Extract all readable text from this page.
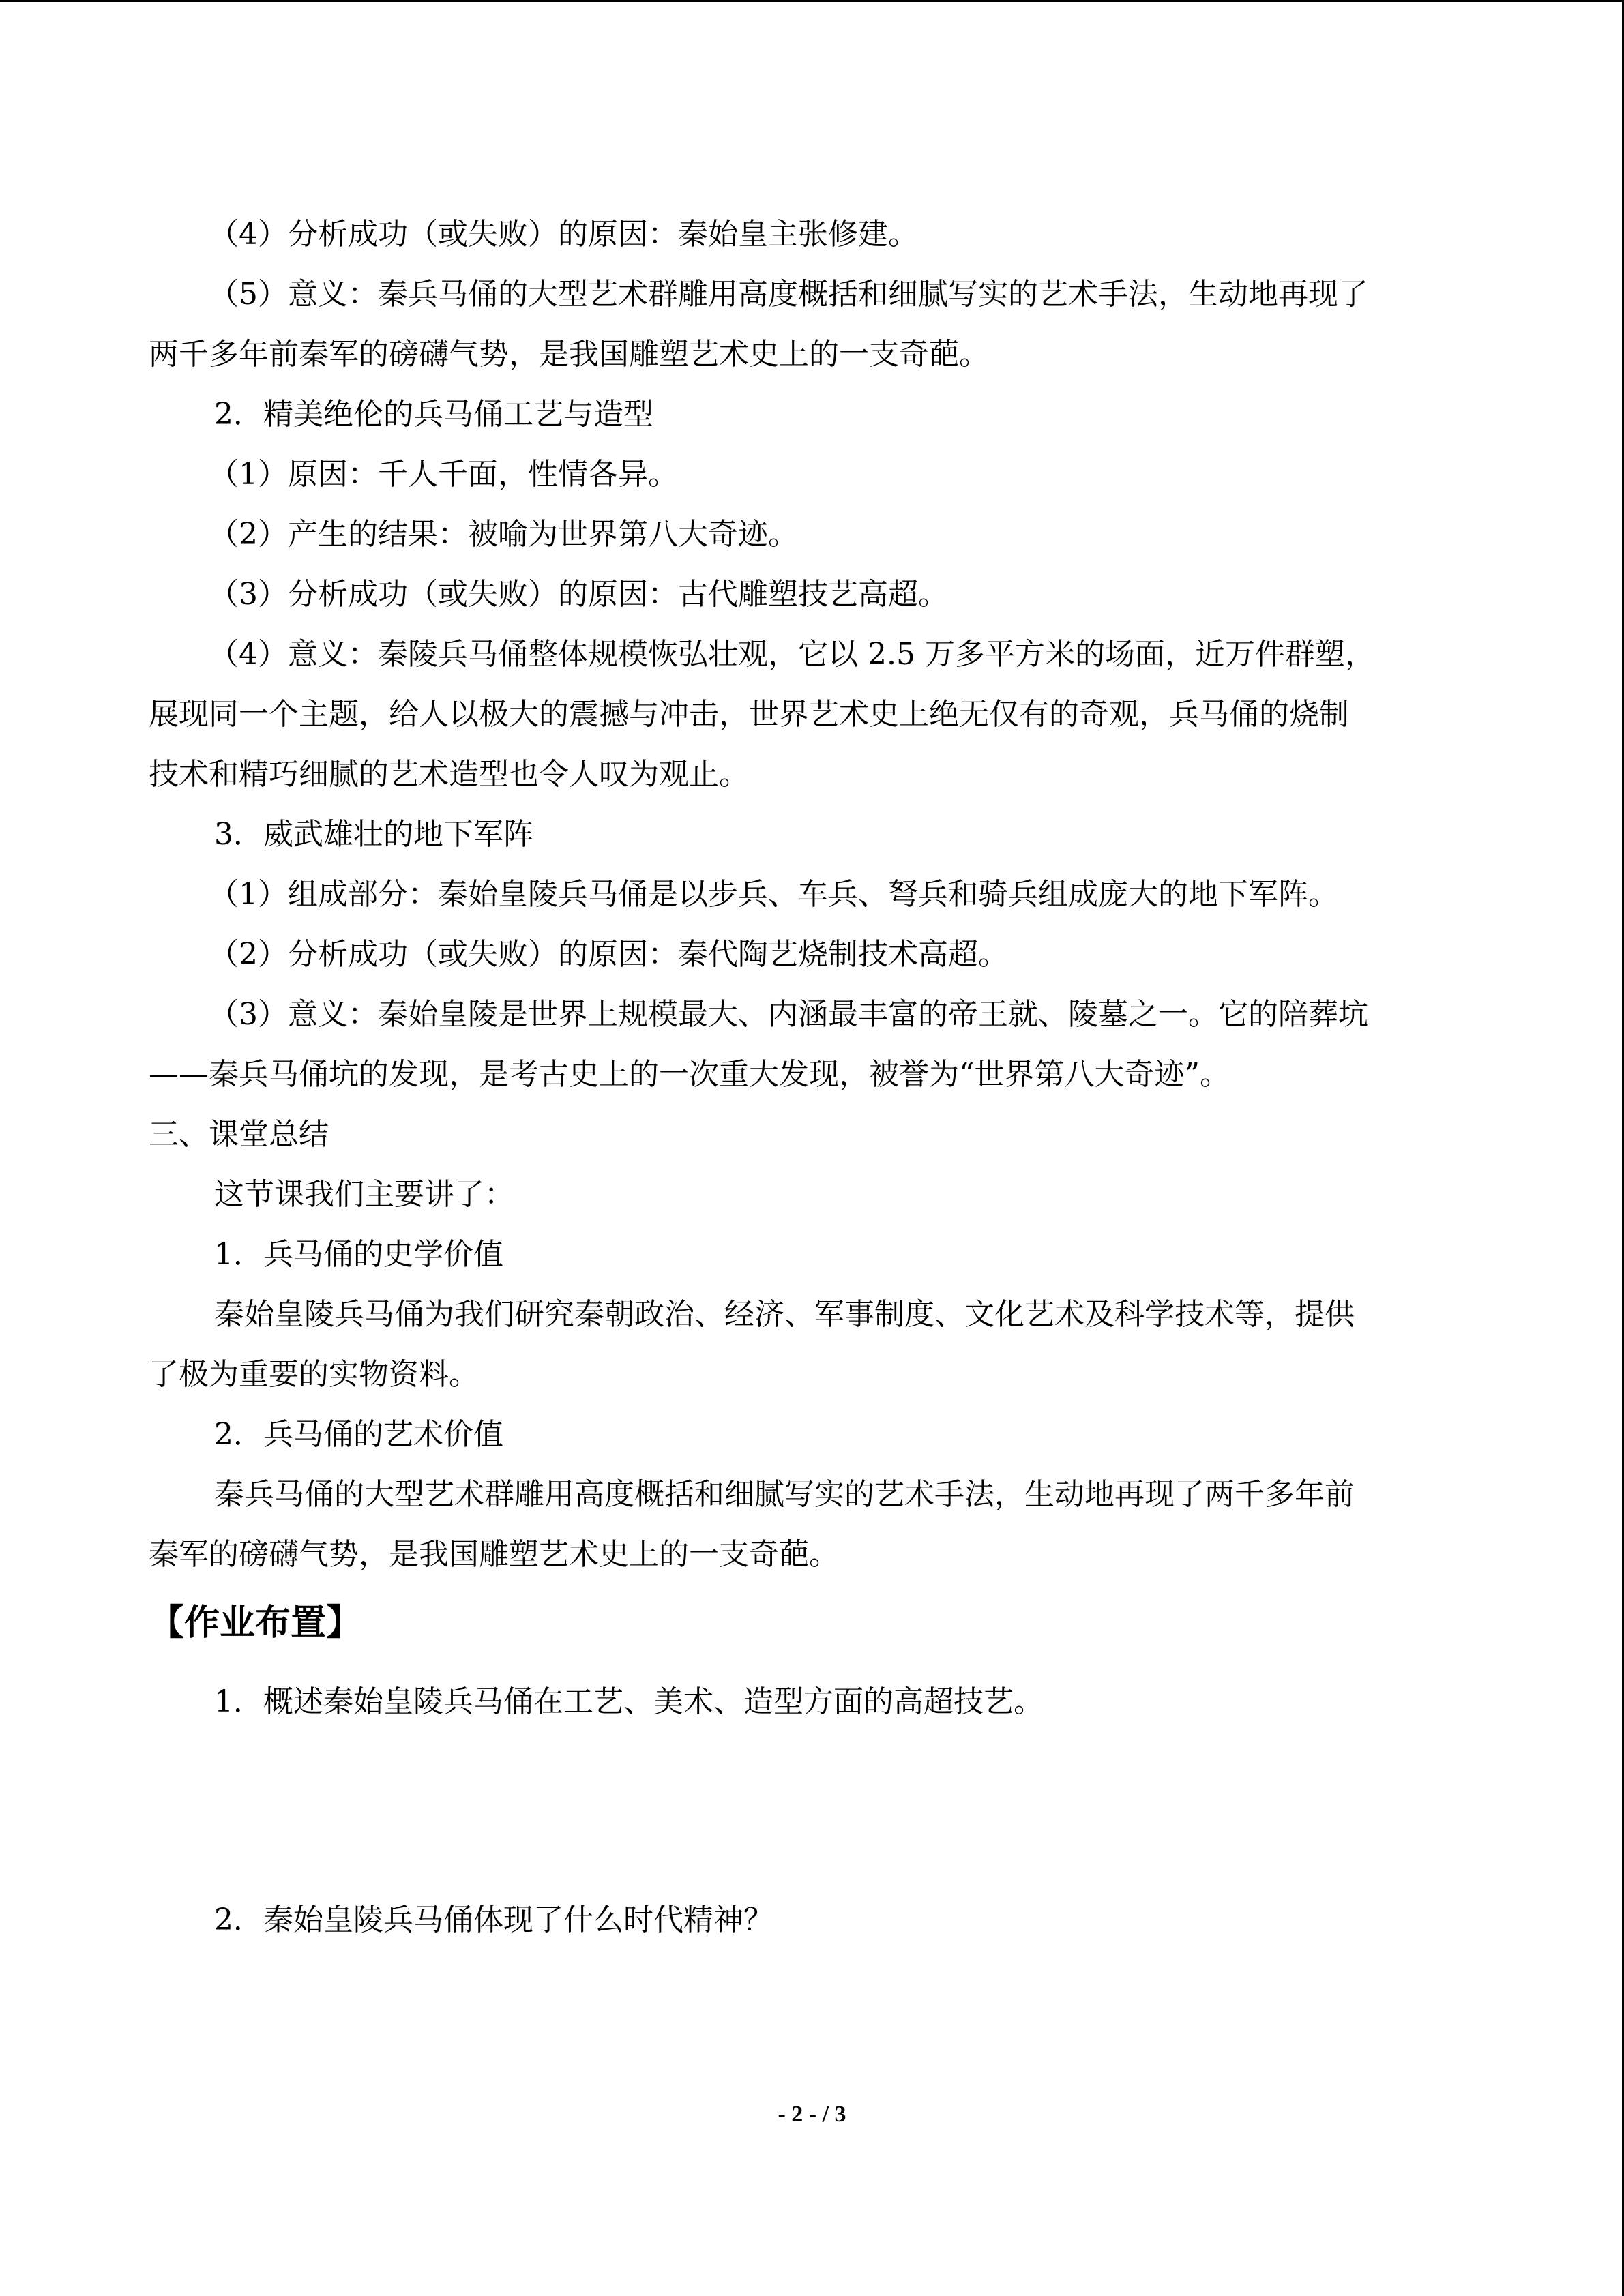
（4）分析成功（或失败）的原因：秦始皇主张修建。
（5）意义：秦兵马俑的大型艺术群雕用高度概括和细腻写实的艺术手法，生动地再现了
两千多年前秦军的磅礴气势，是我国雕塑艺术史上的一支奇葩。
2．精美绝伦的兵马俑工艺与造型
（1）原因：千人千面，性情各异。
（2）产生的结果：被喻为世界第八大奇迹。
（3）分析成功（或失败）的原因：古代雕塑技艺高超。
（4）意义：秦陵兵马俑整体规模恢弘壮观，它以 2.5 万多平方米的场面，近万件群塑，
展现同一个主题，给人以极大的震撼与冲击，世界艺术史上绝无仅有的奇观，兵马俑的烧制
技术和精巧细腻的艺术造型也令人叹为观止。
3．威武雄壮的地下军阵
（1）组成部分：秦始皇陵兵马俑是以步兵、车兵、弩兵和骑兵组成庞大的地下军阵。
（2）分析成功（或失败）的原因：秦代陶艺烧制技术高超。
（3）意义：秦始皇陵是世界上规模最大、内涵最丰富的帝王就、陵墓之一。它的陪葬坑
——秦兵马俑坑的发现，是考古史上的一次重大发现，被誉为“世界第八大奇迹”。
三、课堂总结
这节课我们主要讲了：
1．兵马俑的史学价值
秦始皇陵兵马俑为我们研究秦朝政治、经济、军事制度、文化艺术及科学技术等，提供
了极为重要的实物资料。
2．兵马俑的艺术价值
秦兵马俑的大型艺术群雕用高度概括和细腻写实的艺术手法，生动地再现了两千多年前
秦军的磅礴气势，是我国雕塑艺术史上的一支奇葩。
【作业布置】
1．概述秦始皇陵兵马俑在工艺、美术、造型方面的高超技艺。
2．秦始皇陵兵马俑体现了什么时代精神？
- 2 - / 3
